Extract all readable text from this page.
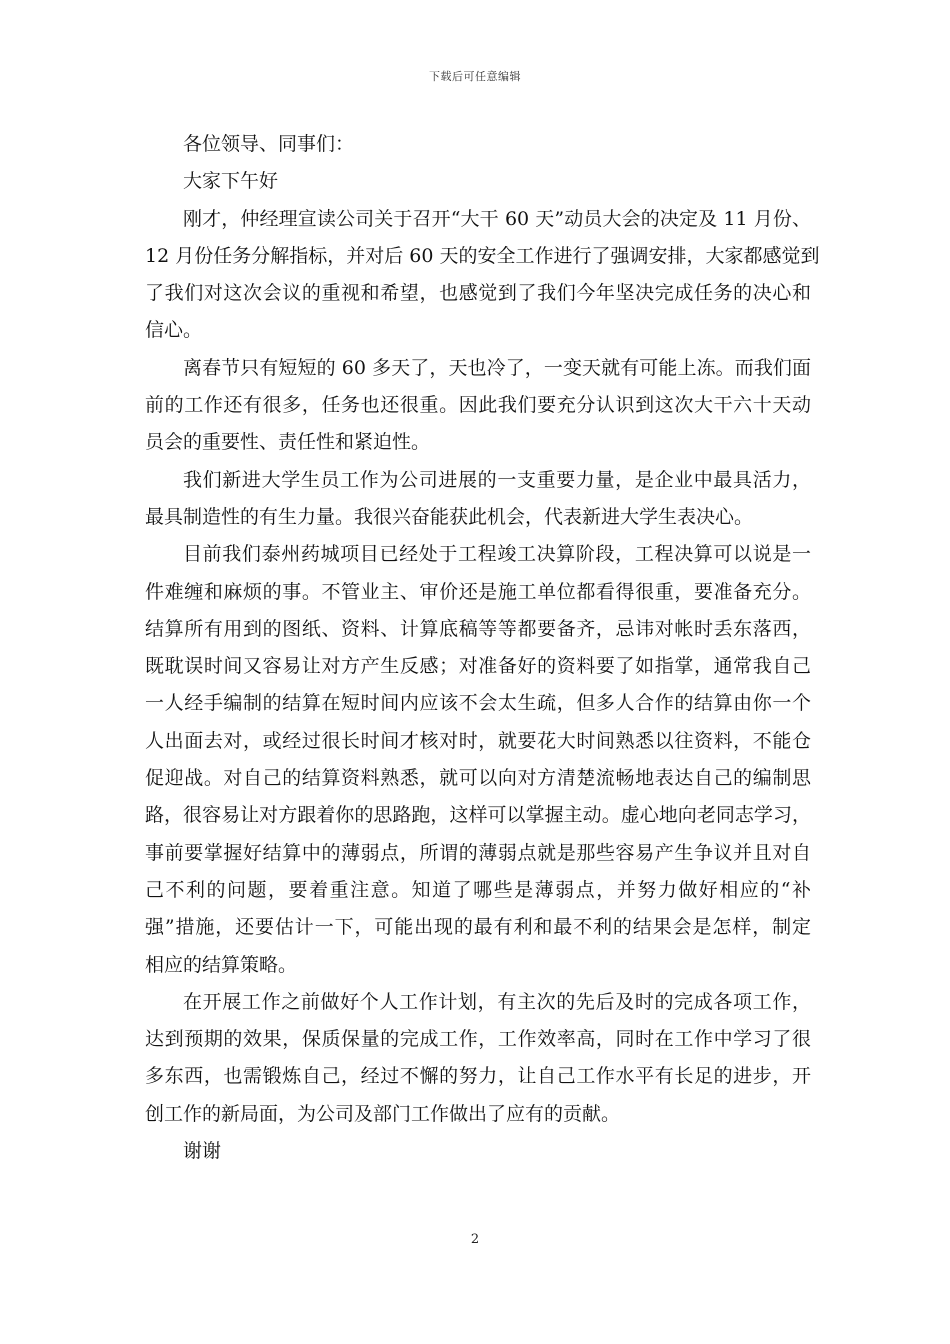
下载后可任意编辑
各位领导、同事们：
大家下午好
刚才，仲经理宣读公司关于召开“大干 60 天”动员大会的决定及 11 月份、
12 月份任务分解指标，并对后 60 天的安全工作进行了强调安排，大家都感觉到
了我们对这次会议的重视和希望，也感觉到了我们今年坚决完成任务的决心和
信心。
离春节只有短短的 60 多天了，天也冷了，一变天就有可能上冻。而我们面
前的工作还有很多，任务也还很重。因此我们要充分认识到这次大干六十天动
员会的重要性、责任性和紧迫性。
我们新进大学生员工作为公司进展的一支重要力量，是企业中最具活力，
最具制造性的有生力量。我很兴奋能获此机会，代表新进大学生表决心。
目前我们泰州药城项目已经处于工程竣工决算阶段，工程决算可以说是一
件难缠和麻烦的事。不管业主、审价还是施工单位都看得很重，要准备充分。
结算所有用到的图纸、资料、计算底稿等等都要备齐，忌讳对帐时丢东落西，
既耽误时间又容易让对方产生反感；对准备好的资料要了如指掌，通常我自己
一人经手编制的结算在短时间内应该不会太生疏，但多人合作的结算由你一个
人出面去对，或经过很长时间才核对时，就要花大时间熟悉以往资料，不能仓
促迎战。对自己的结算资料熟悉，就可以向对方清楚流畅地表达自己的编制思
路，很容易让对方跟着你的思路跑，这样可以掌握主动。虚心地向老同志学习，
事前要掌握好结算中的薄弱点，所谓的薄弱点就是那些容易产生争议并且对自
己不利的问题，要着重注意。知道了哪些是薄弱点，并努力做好相应的“补
强”措施，还要估计一下，可能出现的最有利和最不利的结果会是怎样，制定
相应的结算策略。
在开展工作之前做好个人工作计划，有主次的先后及时的完成各项工作，
达到预期的效果，保质保量的完成工作，工作效率高，同时在工作中学习了很
多东西，也需锻炼自己，经过不懈的努力，让自己工作水平有长足的进步，开
创工作的新局面，为公司及部门工作做出了应有的贡献。
谢谢
2
